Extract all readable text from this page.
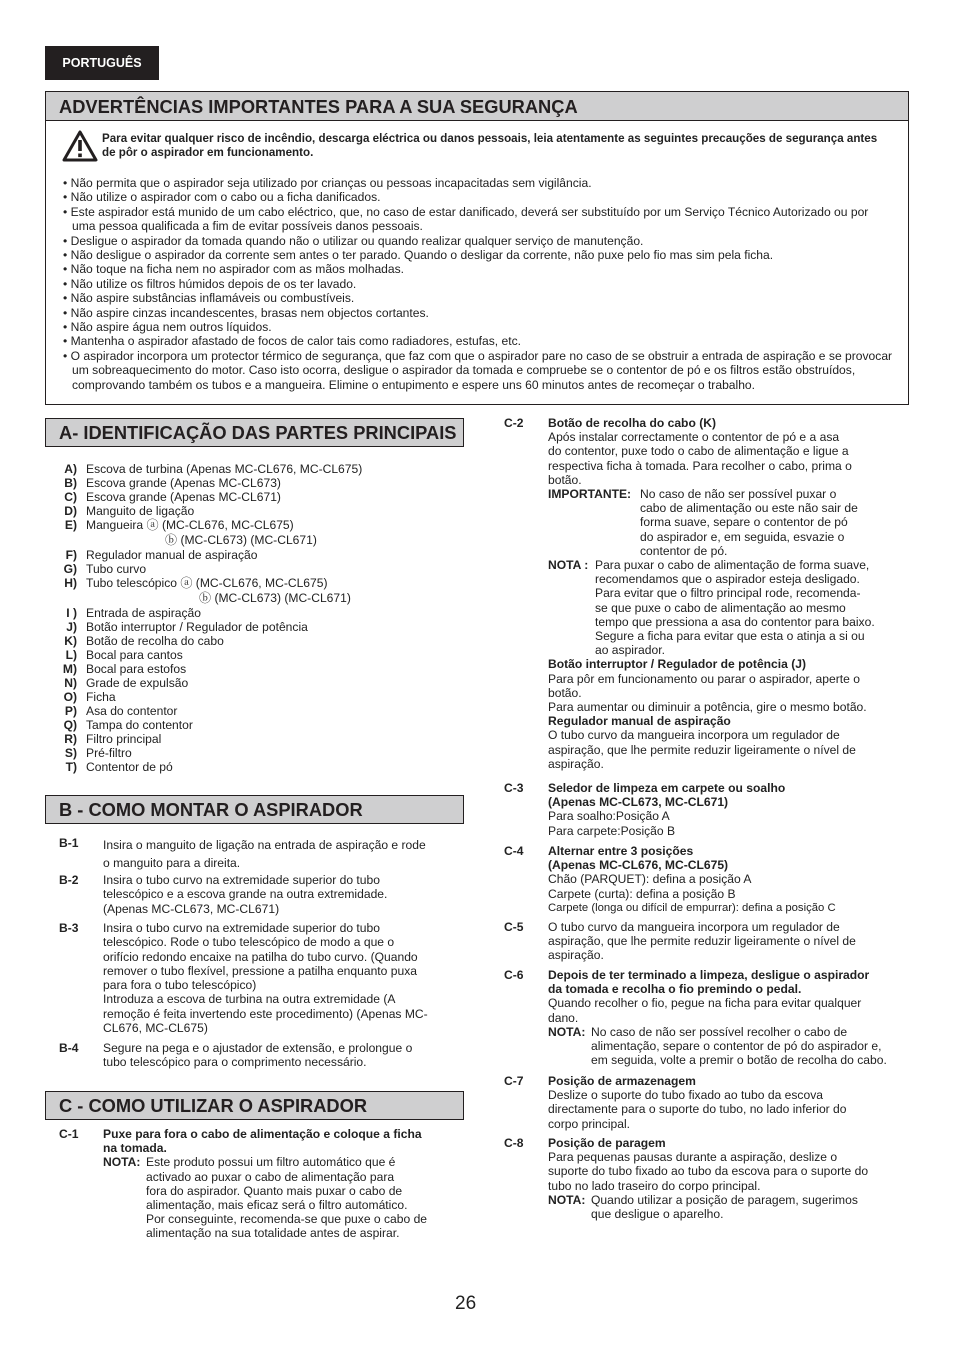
PORTUGUÊS
ADVERTÊNCIAS IMPORTANTES PARA A SUA SEGURANÇA
Para evitar qualquer risco de incêndio, descarga eléctrica ou danos pessoais, leia atentamente as seguintes precauções de segurança antes de pôr o aspirador em funcionamento.
• Não permita que o aspirador seja utilizado por crianças ou pessoas incapacitadas sem vigilância.
• Não utilize o aspirador com o cabo ou a ficha danificados.
• Este aspirador está munido de um cabo eléctrico, que, no caso de estar danificado, deverá ser substituído por um Serviço Técnico Autorizado ou por uma pessoa qualificada a fim de evitar possíveis danos pessoais.
• Desligue o aspirador da tomada quando não o utilizar ou quando realizar qualquer serviço de manutenção.
• Não desligue o aspirador da corrente sem antes o ter parado. Quando o desligar da corrente, não puxe pelo fio mas sim pela ficha.
• Não toque na ficha nem no aspirador com as mãos molhadas.
• Não utilize os filtros húmidos depois de os ter lavado.
• Não aspire substâncias inflamáveis ou combustíveis.
• Não aspire cinzas incandescentes, brasas nem objectos cortantes.
• Não aspire água nem outros líquidos.
• Mantenha o aspirador afastado de focos de calor tais como radiadores, estufas, etc.
• O aspirador incorpora um protector térmico de segurança, que faz com que o aspirador pare no caso de se obstruir a entrada de aspiração e se provocar um sobreaquecimento do motor. Caso isto ocorra, desligue o aspirador da tomada e compruebe se o contentor de pó e os filtros estão obstruídos, comprovando também os tubos e a mangueira. Elimine o entupimento e espere uns 60 minutos antes de recomeçar o trabalho.
A- IDENTIFICAÇÃO DAS PARTES PRINCIPAIS
A) Escova de turbina (Apenas MC-CL676, MC-CL675)
B) Escova grande (Apenas MC-CL673)
C) Escova grande (Apenas MC-CL671)
D) Manguito de ligação
E) Mangueira ⓐ (MC-CL676, MC-CL675)
ⓑ (MC-CL673) (MC-CL671)
F) Regulador manual de aspiração
G) Tubo curvo
H) Tubo telescópico ⓐ (MC-CL676, MC-CL675)
ⓑ (MC-CL673) (MC-CL671)
I ) Entrada de aspiração
J) Botão interruptor / Regulador de potência
K) Botão de recolha do cabo
L) Bocal para cantos
M) Bocal para estofos
N) Grade de expulsão
O) Ficha
P) Asa do contentor
Q) Tampa do contentor
R) Filtro principal
S) Pré-filtro
T) Contentor de pó
B - COMO MONTAR O ASPIRADOR
B-1 Insira o manguito de ligação na entrada de aspiração e rode
o manguito para a direita.
B-2 Insira o tubo curvo na extremidade superior do tubo
telescópico e a escova grande na outra extremidade.
(Apenas MC-CL673, MC-CL671)
B-3 Insira o tubo curvo na extremidade superior do tubo
telescópico. Rode o tubo telescópico de modo a que o
orifício redondo encaixe na patilha do tubo curvo. (Quando
remover o tubo flexível, pressione a patilha enquanto puxa
para fora o tubo telescópico)
Introduza a escova de turbina na outra extremidade (A
remoção é feita invertendo este procedimento) (Apenas MC-
CL676, MC-CL675)
B-4 Segure na pega e o ajustador de extensão, e prolongue o
tubo telescópico para o comprimento necessário.
C - COMO UTILIZAR O ASPIRADOR
C-1 Puxe para fora o cabo de alimentação e coloque a ficha
na tomada.
NOTA: Este produto possui um filtro automático que é
activado ao puxar o cabo de alimentação para
fora do aspirador. Quanto mais puxar o cabo de
alimentação, mais eficaz será o filtro automático.
Por conseguinte, recomenda-se que puxe o cabo de
alimentação na sua totalidade antes de aspirar.
C-2 Botão de recolha do cabo (K)
Após instalar correctamente o contentor de pó e a asa
do contentor, puxe todo o cabo de alimentação e ligue a
respectiva ficha à tomada. Para recolher o cabo, prima o
botão.
IMPORTANTE: No caso de não ser possível puxar o
cabo de alimentação ou este não sair de
forma suave, separe o contentor de pó
do aspirador e, em seguida, esvazie o
contentor de pó.
NOTA : Para puxar o cabo de alimentação de forma suave,
recomendamos que o aspirador esteja desligado.
Para evitar que o filtro principal rode, recomenda-
se que puxe o cabo de alimentação ao mesmo
tempo que pressiona a asa do contentor para baixo.
Segure a ficha para evitar que esta o atinja a si ou
ao aspirador.
Botão interruptor / Regulador de potência (J)
Para pôr em funcionamento ou parar o aspirador, aperte o
botão.
Para aumentar ou diminuir a potência, gire o mesmo botão.
Regulador manual de aspiração
O tubo curvo da mangueira incorpora um regulador de
aspiração, que lhe permite reduzir ligeiramente o nível de
aspiração.
C-3 Seledor de limpeza em carpete ou soalho
(Apenas MC-CL673, MC-CL671)
Para soalho:Posição A
Para carpete:Posição B
C-4 Alternar entre 3 posições
(Apenas MC-CL676, MC-CL675)
Chão (PARQUET): defina a posição A
Carpete (curta): defina a posição B
Carpete (longa ou difícil de empurrar): defina a posição C
C-5 O tubo curvo da mangueira incorpora um regulador de
aspiração, que lhe permite reduzir ligeiramente o nível de
aspiração.
C-6 Depois de ter terminado a limpeza, desligue o aspirador
da tomada e recolha o fio premindo o pedal.
Quando recolher o fio, pegue na ficha para evitar qualquer
dano.
NOTA: No caso de não ser possível recolher o cabo de
alimentação, separe o contentor de pó do aspirador e,
em seguida, volte a premir o botão de recolha do cabo.
C-7 Posição de armazenagem
Deslize o suporte do tubo fixado ao tubo da escova
directamente para o suporte do tubo, no lado inferior do
corpo principal.
C-8 Posição de paragem
Para pequenas pausas durante a aspiração, deslize o
suporte do tubo fixado ao tubo da escova para o suporte do
tubo no lado traseiro do corpo principal.
NOTA: Quando utilizar a posição de paragem, sugerimos
que desligue o aparelho.
26
